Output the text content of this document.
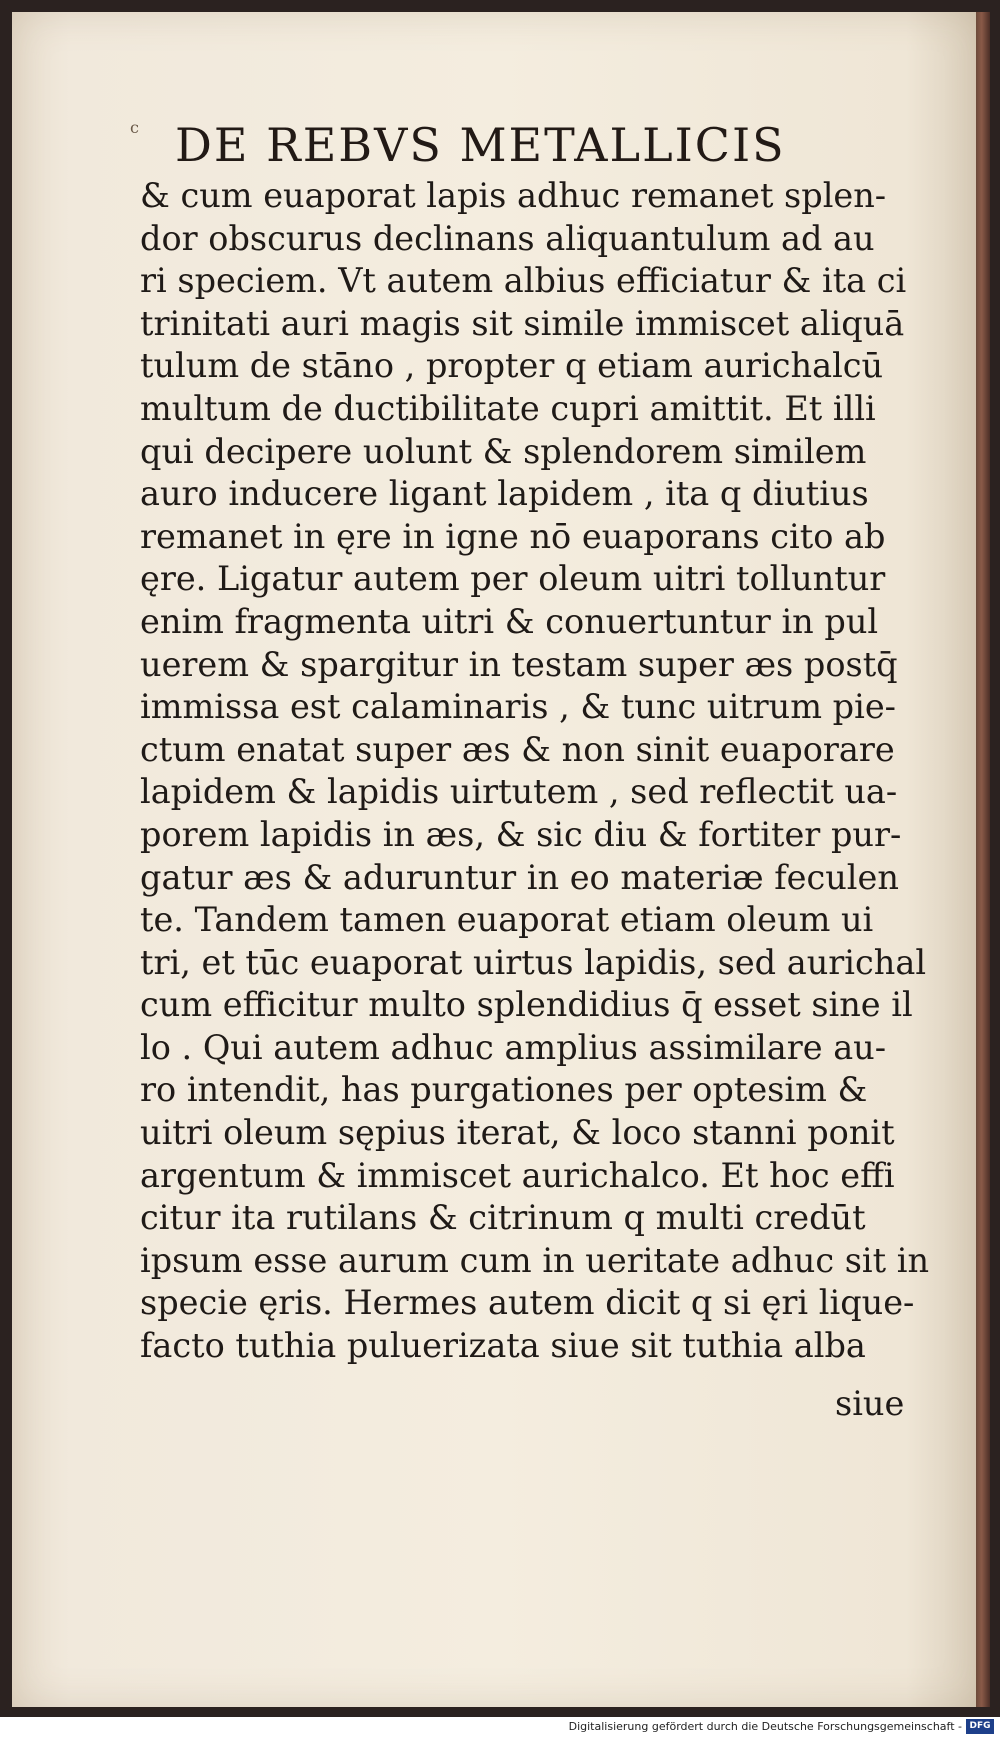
c DE REBVS METALLICIS
& cum euaporat lapis adhuc remanet splen-
dor obscurus declinans aliquantulum ad au
ri speciem. Vt autem albius efficiatur & ita ci
trinitati auri magis sit simile immiscet aliquā
tulum de stāno , propter q etiam aurichalcū
multum de ductibilitate cupri amittit. Et illi
qui decipere uolunt & splendorem similem
auro inducere ligant lapidem , ita q diutius
remanet in ęre in igne nō euaporans cito ab
ęre. Ligatur autem per oleum uitri tolluntur
enim fragmenta uitri & conuertuntur in pul
uerem & spargitur in testam super æs postq̄
immissa est calaminaris , & tunc uitrum pie-
ctum enatat super æs & non sinit euaporare
lapidem & lapidis uirtutem , sed reflectit ua-
porem lapidis in æs, & sic diu & fortiter pur-
gatur æs & aduruntur in eo materiæ feculen
te. Tandem tamen euaporat etiam oleum ui
tri, et tūc euaporat uirtus lapidis, sed aurichal
cum efficitur multo splendidius q̄ esset sine il
lo . Qui autem adhuc amplius assimilare au-
ro intendit, has purgationes per optesim &
uitri oleum sępius iterat, & loco stanni ponit
argentum & immiscet aurichalco. Et hoc effi
citur ita rutilans & citrinum q multi credūt
ipsum esse aurum cum in ueritate adhuc sit in
specie ęris. Hermes autem dicit q si ęri lique-
facto tuthia puluerizata siue sit tuthia alba
siue
Digitalisierung gefördert durch die Deutsche Forschungsgemeinschaft - DFG
